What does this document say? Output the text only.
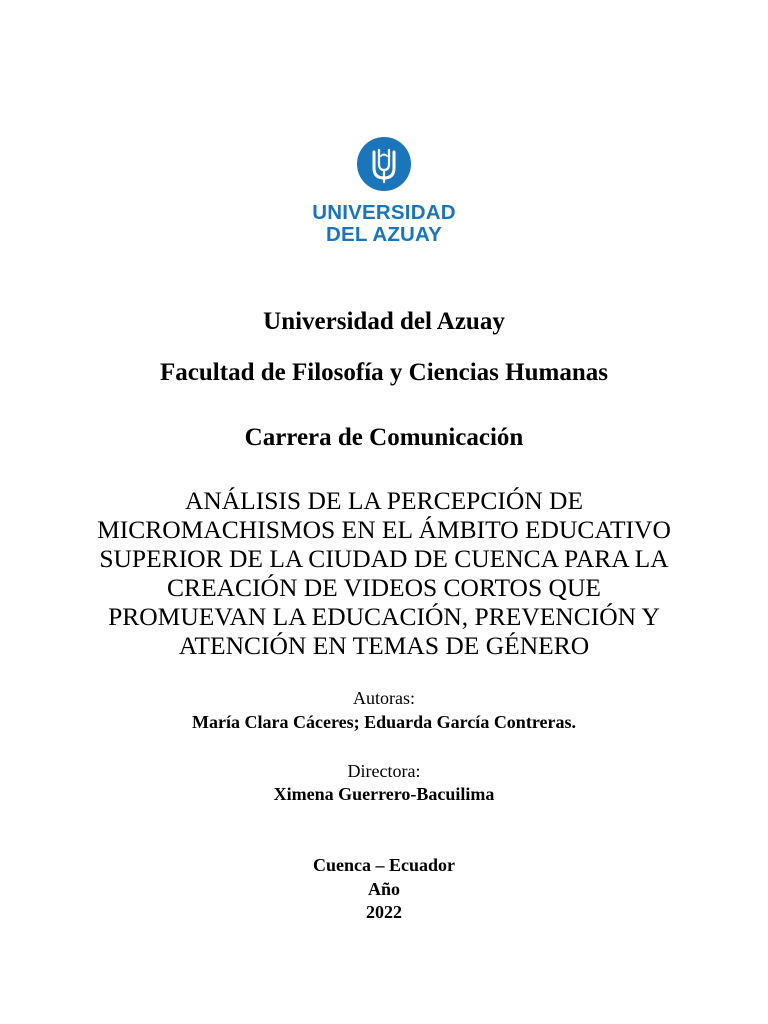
UNIVERSIDAD
DEL AZUAY
Universidad del Azuay
Facultad de Filosofía y Ciencias Humanas
Carrera de Comunicación
ANÁLISIS DE LA PERCEPCIÓN DE
MICROMACHISMOS EN EL ÁMBITO EDUCATIVO
SUPERIOR DE LA CIUDAD DE CUENCA PARA LA
CREACIÓN DE VIDEOS CORTOS QUE
PROMUEVAN LA EDUCACIÓN, PREVENCIÓN Y
ATENCIÓN EN TEMAS DE GÉNERO
Autoras:
María Clara Cáceres; Eduarda García Contreras.
Directora:
Ximena Guerrero-Bacuilima
Cuenca – Ecuador
Año
2022
